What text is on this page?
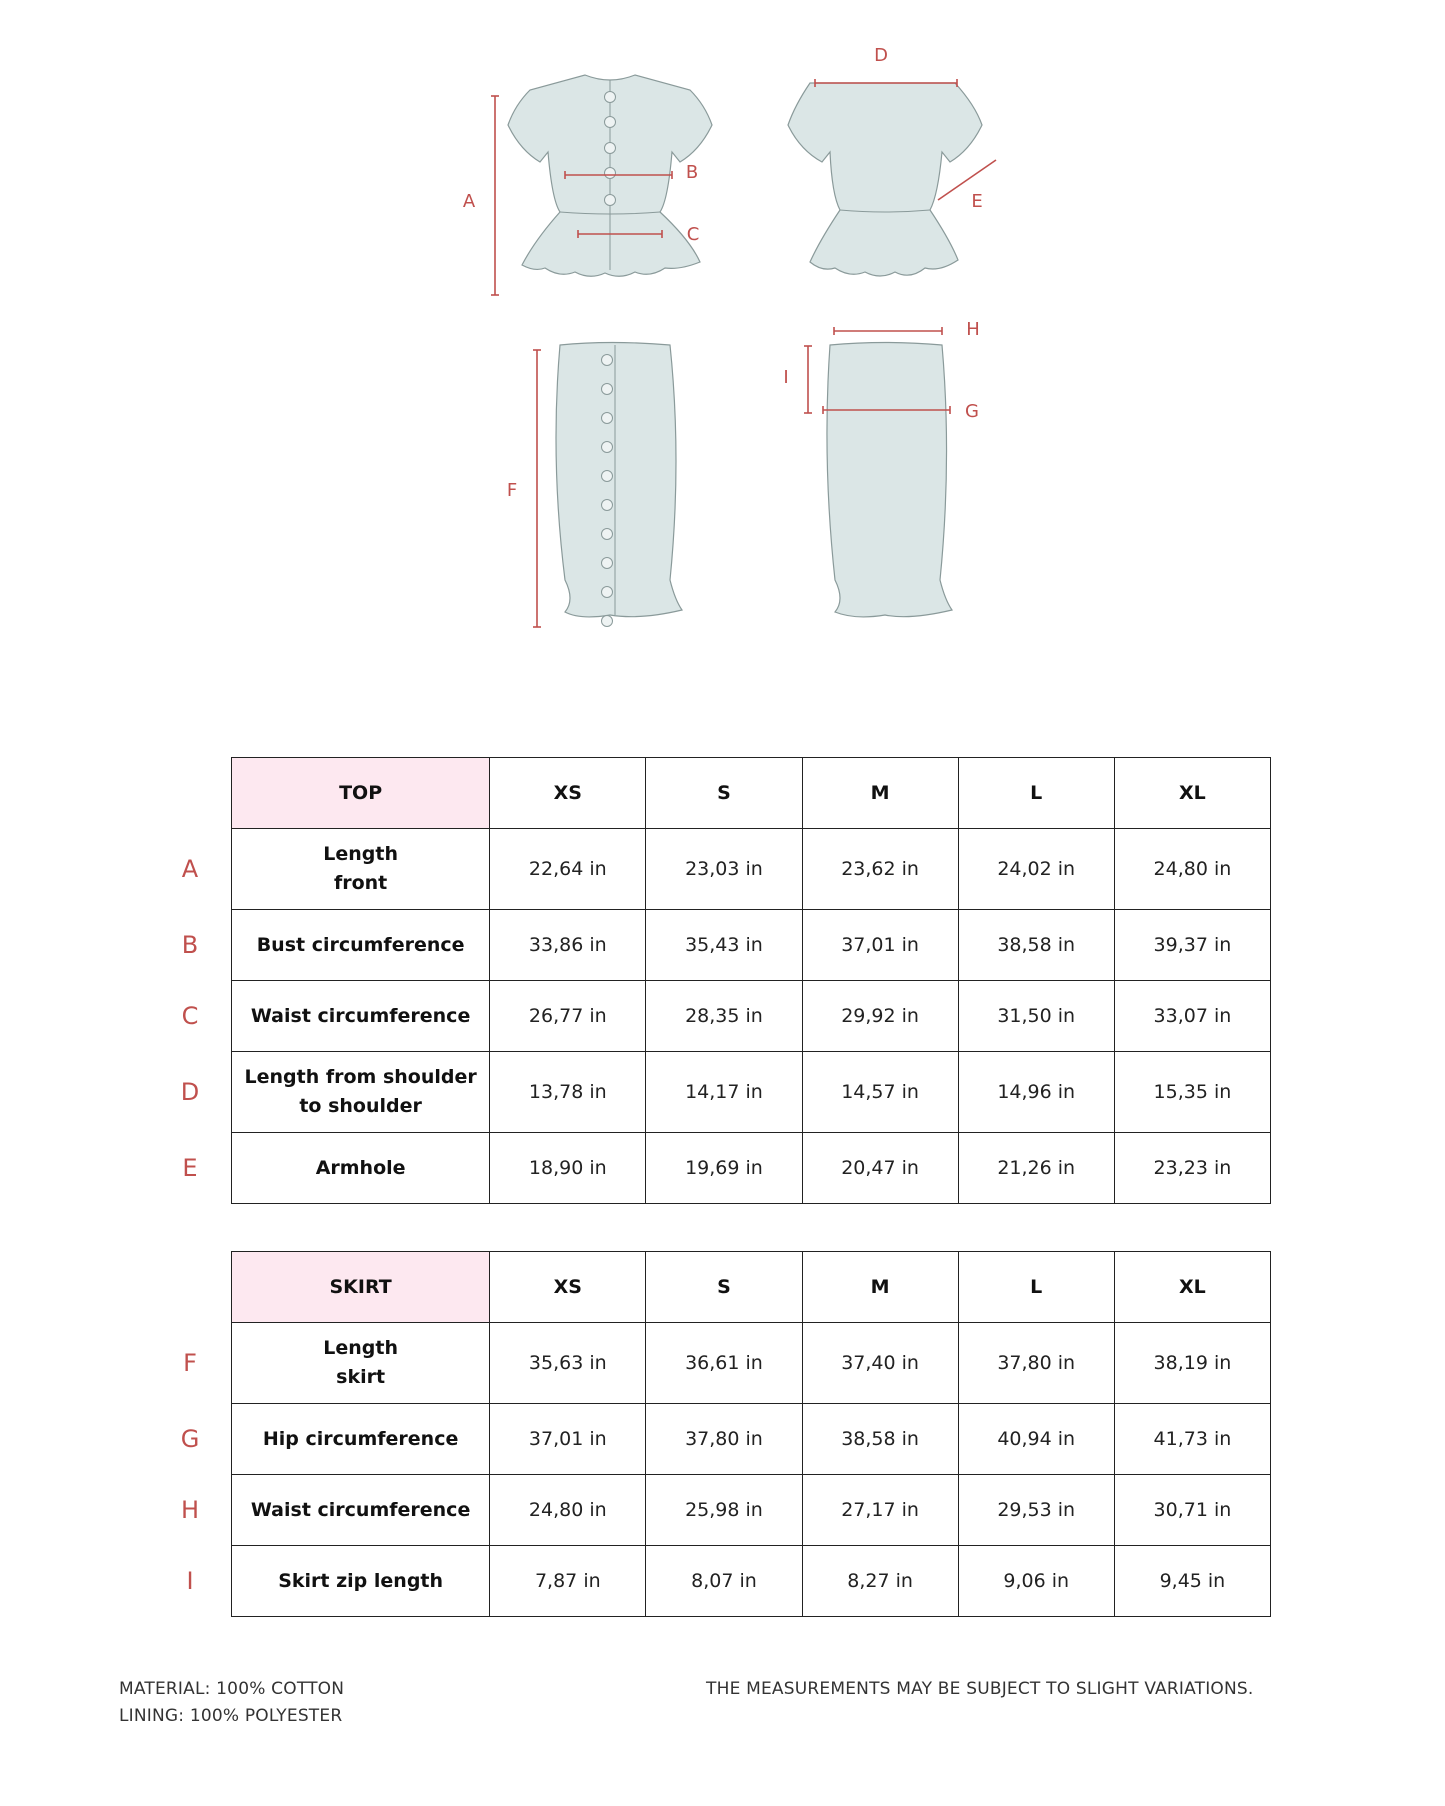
A
B
C
D
E
H
I
G
F
A
B
C
D
E
TOP	XS	S	M	L	XL
Length
front	22,64 in	23,03 in	23,62 in	24,02 in	24,80 in
Bust circumference	33,86 in	35,43 in	37,01 in	38,58 in	39,37 in
Waist circumference	26,77 in	28,35 in	29,92 in	31,50 in	33,07 in
Length from shoulder
to shoulder	13,78 in	14,17 in	14,57 in	14,96 in	15,35 in
Armhole	18,90 in	19,69 in	20,47 in	21,26 in	23,23 in
F
G
H
I
SKIRT	XS	S	M	L	XL
Length
skirt	35,63 in	36,61 in	37,40 in	37,80 in	38,19 in
Hip circumference	37,01 in	37,80 in	38,58 in	40,94 in	41,73 in
Waist circumference	24,80 in	25,98 in	27,17 in	29,53 in	30,71 in
Skirt zip length	7,87 in	8,07 in	8,27 in	9,06 in	9,45 in
MATERIAL: 100% COTTON
LINING: 100% POLYESTER
THE MEASUREMENTS MAY BE SUBJECT TO SLIGHT VARIATIONS.
